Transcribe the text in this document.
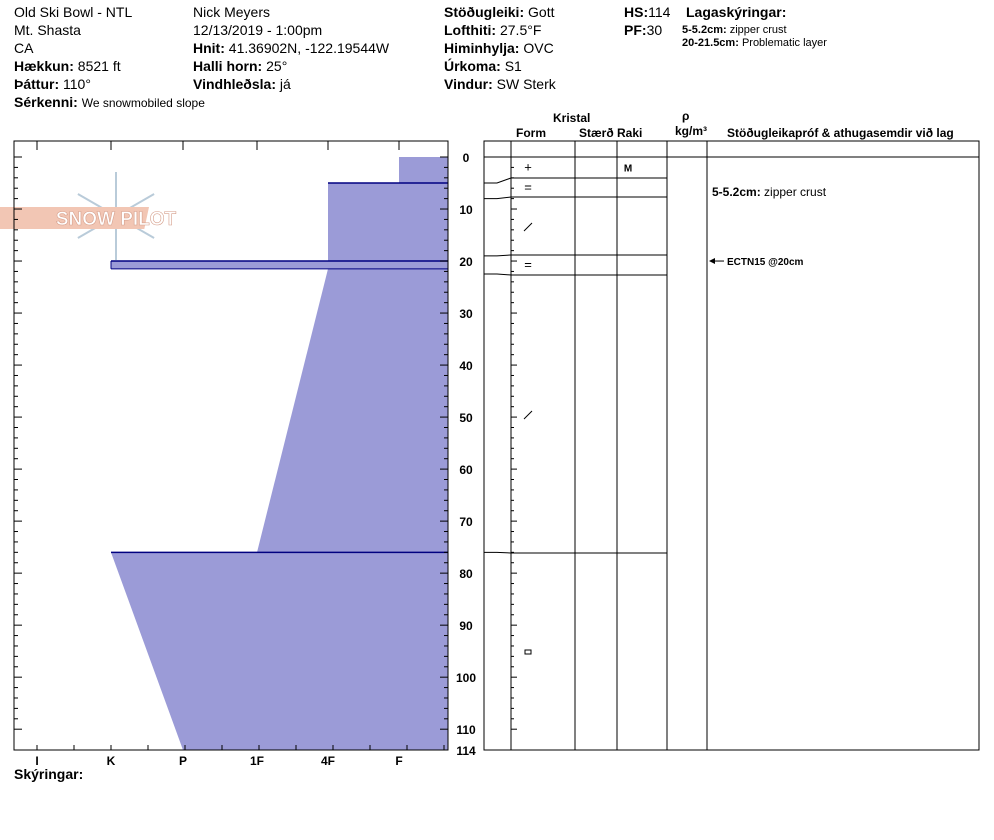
Old Ski Bowl - NTL
Mt. Shasta
CA
Hækkun: 8521 ft
Þáttur: 110°
Sérkenni: We snowmobiled slope
Nick Meyers
12/13/2019 - 1:00pm
Hnit: 41.36902N, -122.19544W
Halli horn: 25°
Vindhleðsla: já
Stöðugleiki: Gott
Lofthiti: 27.5°F
Himinhylja: OVC
Úrkoma: S1
Vindur: SW Sterk
HS:114
PF:30
Lagaskýringar:
5-5.2cm: zipper crust
20-21.5cm: Problematic layer
Kristal
Form	Stærð Raki
ρ
kg/m³ Stöðugleikapróf & athugasemdir við lag
Skýringar:
SNOW PILOT
0
10
20
30
40
50
60
70
80
90
100
110
114
I	K	P	1F	4F	F
+	M
=
=
5-5.2cm: zipper crust
ECTN15 @20cm
